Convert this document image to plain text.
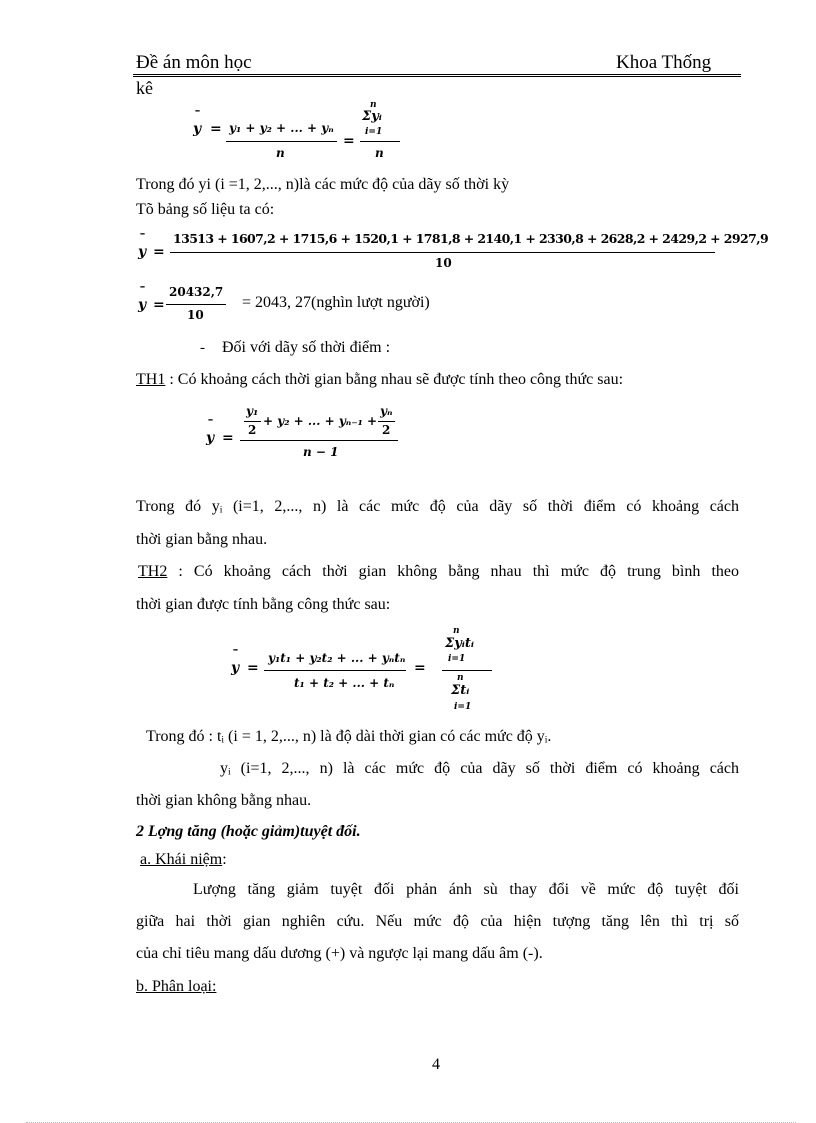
Đề án môn học	Khoa Thống
kê
¯
y = y₁ + y₂ + ... + yₙ
n
=
n
Σyᵢ
i=1
n
Trong đó yi (i =1, 2,..., n)là các mức độ của dãy số thời kỳ
Tõ bảng số liệu ta có:
¯
y =
13513 + 1607,2 + 1715,6 + 1520,1 + 1781,8 + 2140,1 + 2330,8 + 2628,2 + 2429,2 + 2927,9
10
¯
y =
20432,7
10
= 2043, 27(nghìn lượt người)
- Đối với dãy số thời điểm :
TH1 : Có khoảng cách thời gian bằng nhau sẽ được tính theo công thức sau:
¯
y =
y₁
2
+ y₂ + ... + yₙ₋₁ +
yₙ
2
n − 1
Trong đó yᵢ (i=1, 2,..., n) là các mức độ của dãy số thời điểm có khoảng cách
thời gian bằng nhau.
TH2 : Có khoảng cách thời gian không bằng nhau thì mức độ trung bình theo
thời gian được tính bằng công thức sau:
¯
y =
y₁t₁ + y₂t₂ + ... + yₙtₙ
t₁ + t₂ + ... + tₙ
=
n
Σyᵢtᵢ
i=1
n
Σtᵢ
i=1
Trong đó : tᵢ (i = 1, 2,..., n) là độ dài thời gian có các mức độ yᵢ.
yᵢ (i=1, 2,..., n) là các mức độ của dãy số thời điểm có khoảng cách
thời gian không bằng nhau.
2 Lợng tăng (hoặc giảm)tuyệt đối.
a. Khái niệm:
Lượng tăng giảm tuyệt đối phản ánh sù thay đổi về mức độ tuyệt đối
giữa hai thời gian nghiên cứu. Nếu mức độ của hiện tượng tăng lên thì trị số
của chỉ tiêu mang dấu dương (+) và ngược lại mang dấu âm (-).
b. Phân loại:
4
